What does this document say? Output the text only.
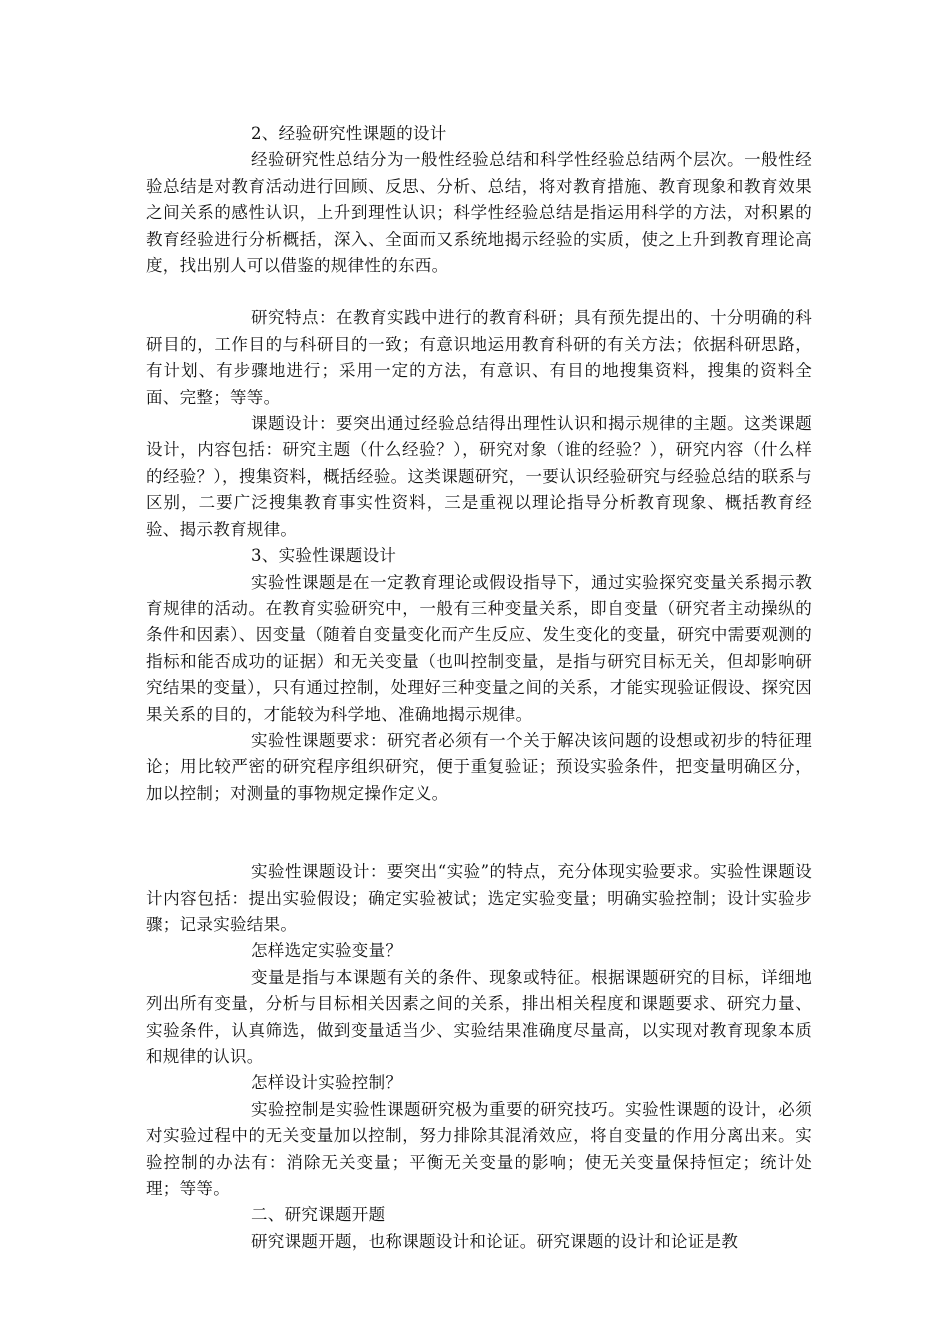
2、经验研究性课题的设计

经验研究性总结分为一般性经验总结和科学性经验总结两个层次。一般性经验总结是对教育活动进行回顾、反思、分析、总结，将对教育措施、教育现象和教育效果之间关系的感性认识，上升到理性认识；科学性经验总结是指运用科学的方法，对积累的教育经验进行分析概括，深入、全面而又系统地揭示经验的实质，使之上升到教育理论高度，找出别人可以借鉴的规律性的东西。

研究特点：在教育实践中进行的教育科研；具有预先提出的、十分明确的科研目的，工作目的与科研目的一致；有意识地运用教育科研的有关方法；依据科研思路，有计划、有步骤地进行；采用一定的方法，有意识、有目的地搜集资料，搜集的资料全面、完整；等等。

课题设计：要突出通过经验总结得出理性认识和揭示规律的主题。这类课题设计，内容包括：研究主题（什么经验？），研究对象（谁的经验？），研究内容（什么样的经验？），搜集资料，概括经验。这类课题研究，一要认识经验研究与经验总结的联系与区别，二要广泛搜集教育事实性资料，三是重视以理论指导分析教育现象、概括教育经验、揭示教育规律。

3、实验性课题设计

实验性课题是在一定教育理论或假设指导下，通过实验探究变量关系揭示教育规律的活动。在教育实验研究中，一般有三种变量关系，即自变量（研究者主动操纵的条件和因素）、因变量（随着自变量变化而产生反应、发生变化的变量，研究中需要观测的指标和能否成功的证据）和无关变量（也叫控制变量，是指与研究目标无关，但却影响研究结果的变量），只有通过控制，处理好三种变量之间的关系，才能实现验证假设、探究因果关系的目的，才能较为科学地、准确地揭示规律。

实验性课题要求：研究者必须有一个关于解决该问题的设想或初步的特征理论；用比较严密的研究程序组织研究，便于重复验证；预设实验条件，把变量明确区分，加以控制；对测量的事物规定操作定义。

实验性课题设计：要突出“实验”的特点，充分体现实验要求。实验性课题设计内容包括：提出实验假设；确定实验被试；选定实验变量；明确实验控制；设计实验步骤；记录实验结果。

怎样选定实验变量？

变量是指与本课题有关的条件、现象或特征。根据课题研究的目标，详细地列出所有变量，分析与目标相关因素之间的关系，排出相关程度和课题要求、研究力量、实验条件，认真筛选，做到变量适当少、实验结果准确度尽量高，以实现对教育现象本质和规律的认识。

怎样设计实验控制？

实验控制是实验性课题研究极为重要的研究技巧。实验性课题的设计，必须对实验过程中的无关变量加以控制，努力排除其混淆效应，将自变量的作用分离出来。实验控制的办法有：消除无关变量；平衡无关变量的影响；使无关变量保持恒定；统计处理；等等。

二、研究课题开题

研究课题开题，也称课题设计和论证。研究课题的设计和论证是教
